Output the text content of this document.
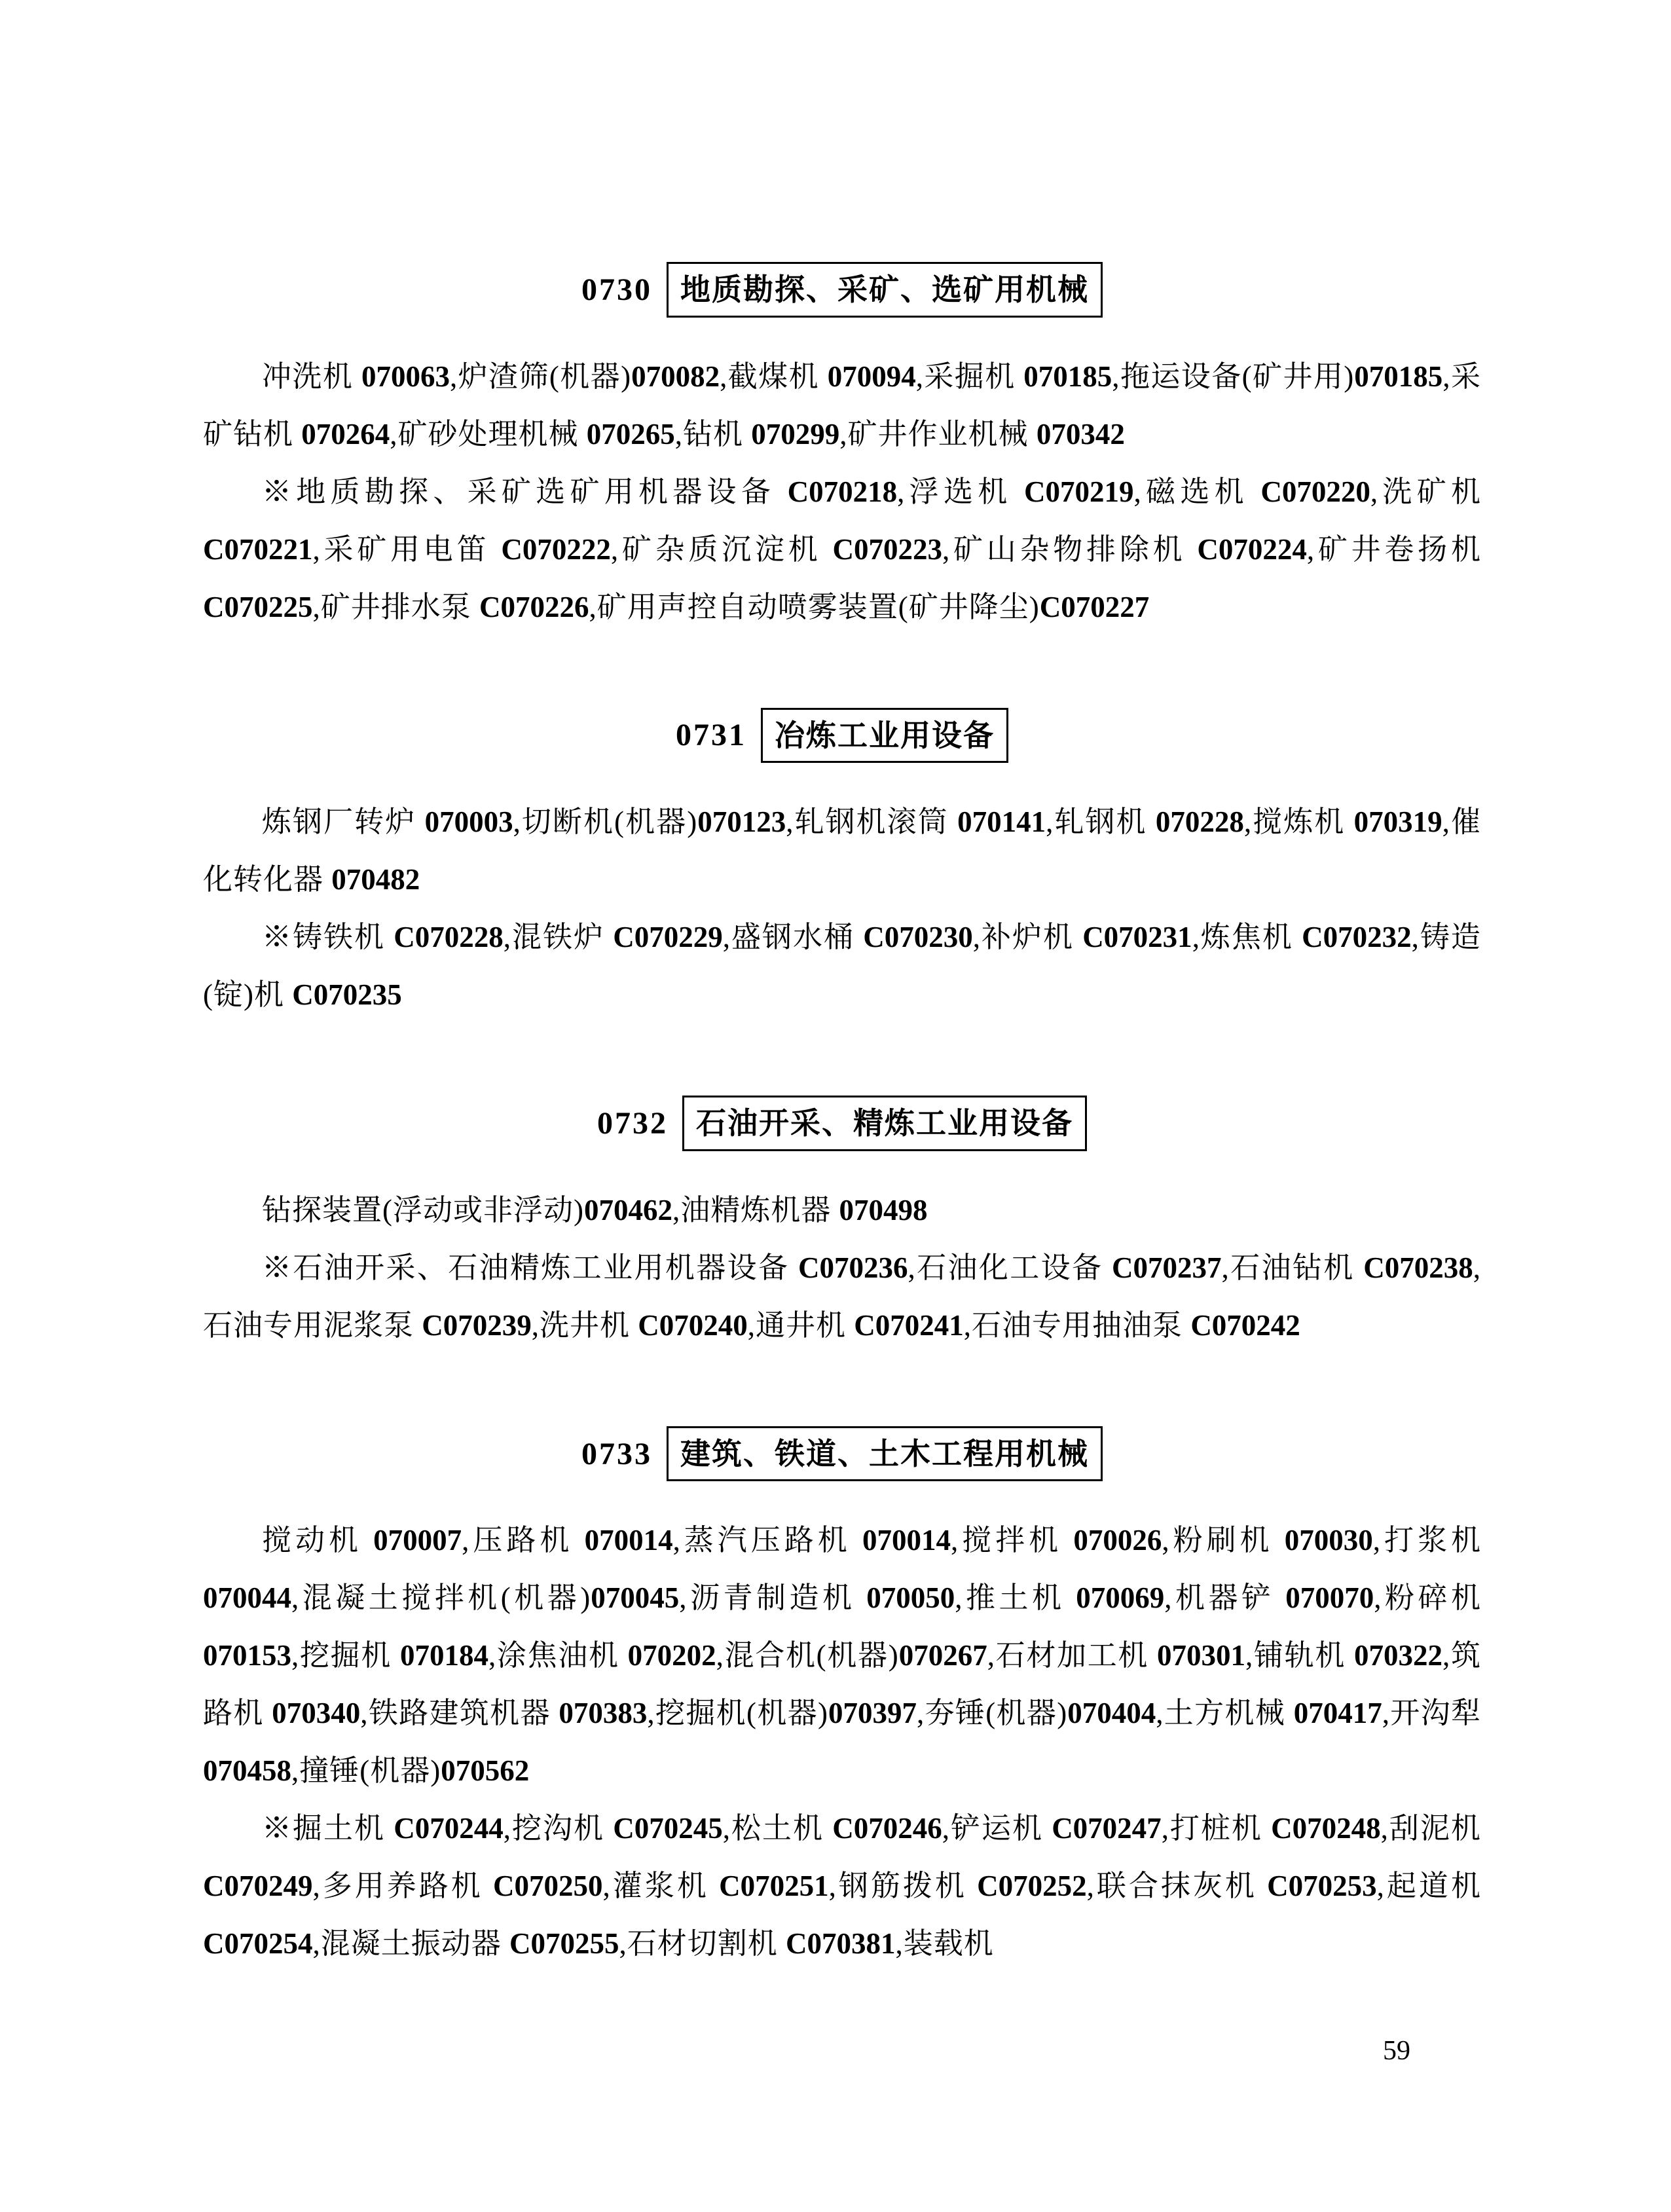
0730 地质勘探、采矿、选矿用机械

冲洗机 070063,炉渣筛(机器)070082,截煤机 070094,采掘机 070185,拖运设备(矿井用)070185,采矿钻机 070264,矿砂处理机械 070265,钻机 070299,矿井作业机械 070342

※地质勘探、采矿选矿用机器设备 C070218,浮选机 C070219,磁选机 C070220,洗矿机 C070221,采矿用电笛 C070222,矿杂质沉淀机 C070223,矿山杂物排除机 C070224,矿井卷扬机 C070225,矿井排水泵 C070226,矿用声控自动喷雾装置(矿井降尘)C070227

0731 冶炼工业用设备

炼钢厂转炉 070003,切断机(机器)070123,轧钢机滚筒 070141,轧钢机 070228,搅炼机 070319,催化转化器 070482

※铸铁机 C070228,混铁炉 C070229,盛钢水桶 C070230,补炉机 C070231,炼焦机 C070232,铸造(锭)机 C070235

0732 石油开采、精炼工业用设备

钻探装置(浮动或非浮动)070462,油精炼机器 070498

※石油开采、石油精炼工业用机器设备 C070236,石油化工设备 C070237,石油钻机 C070238,石油专用泥浆泵 C070239,洗井机 C070240,通井机 C070241,石油专用抽油泵 C070242

0733 建筑、铁道、土木工程用机械

搅动机 070007,压路机 070014,蒸汽压路机 070014,搅拌机 070026,粉刷机 070030,打浆机 070044,混凝土搅拌机(机器)070045,沥青制造机 070050,推土机 070069,机器铲 070070,粉碎机 070153,挖掘机 070184,涂焦油机 070202,混合机(机器)070267,石材加工机 070301,铺轨机 070322,筑路机 070340,铁路建筑机器 070383,挖掘机(机器)070397,夯锤(机器)070404,土方机械 070417,开沟犁 070458,撞锤(机器)070562

※掘土机 C070244,挖沟机 C070245,松土机 C070246,铲运机 C070247,打桩机 C070248,刮泥机 C070249,多用养路机 C070250,灌浆机 C070251,钢筋拨机 C070252,联合抹灰机 C070253,起道机 C070254,混凝土振动器 C070255,石材切割机 C070381,装载机

59
